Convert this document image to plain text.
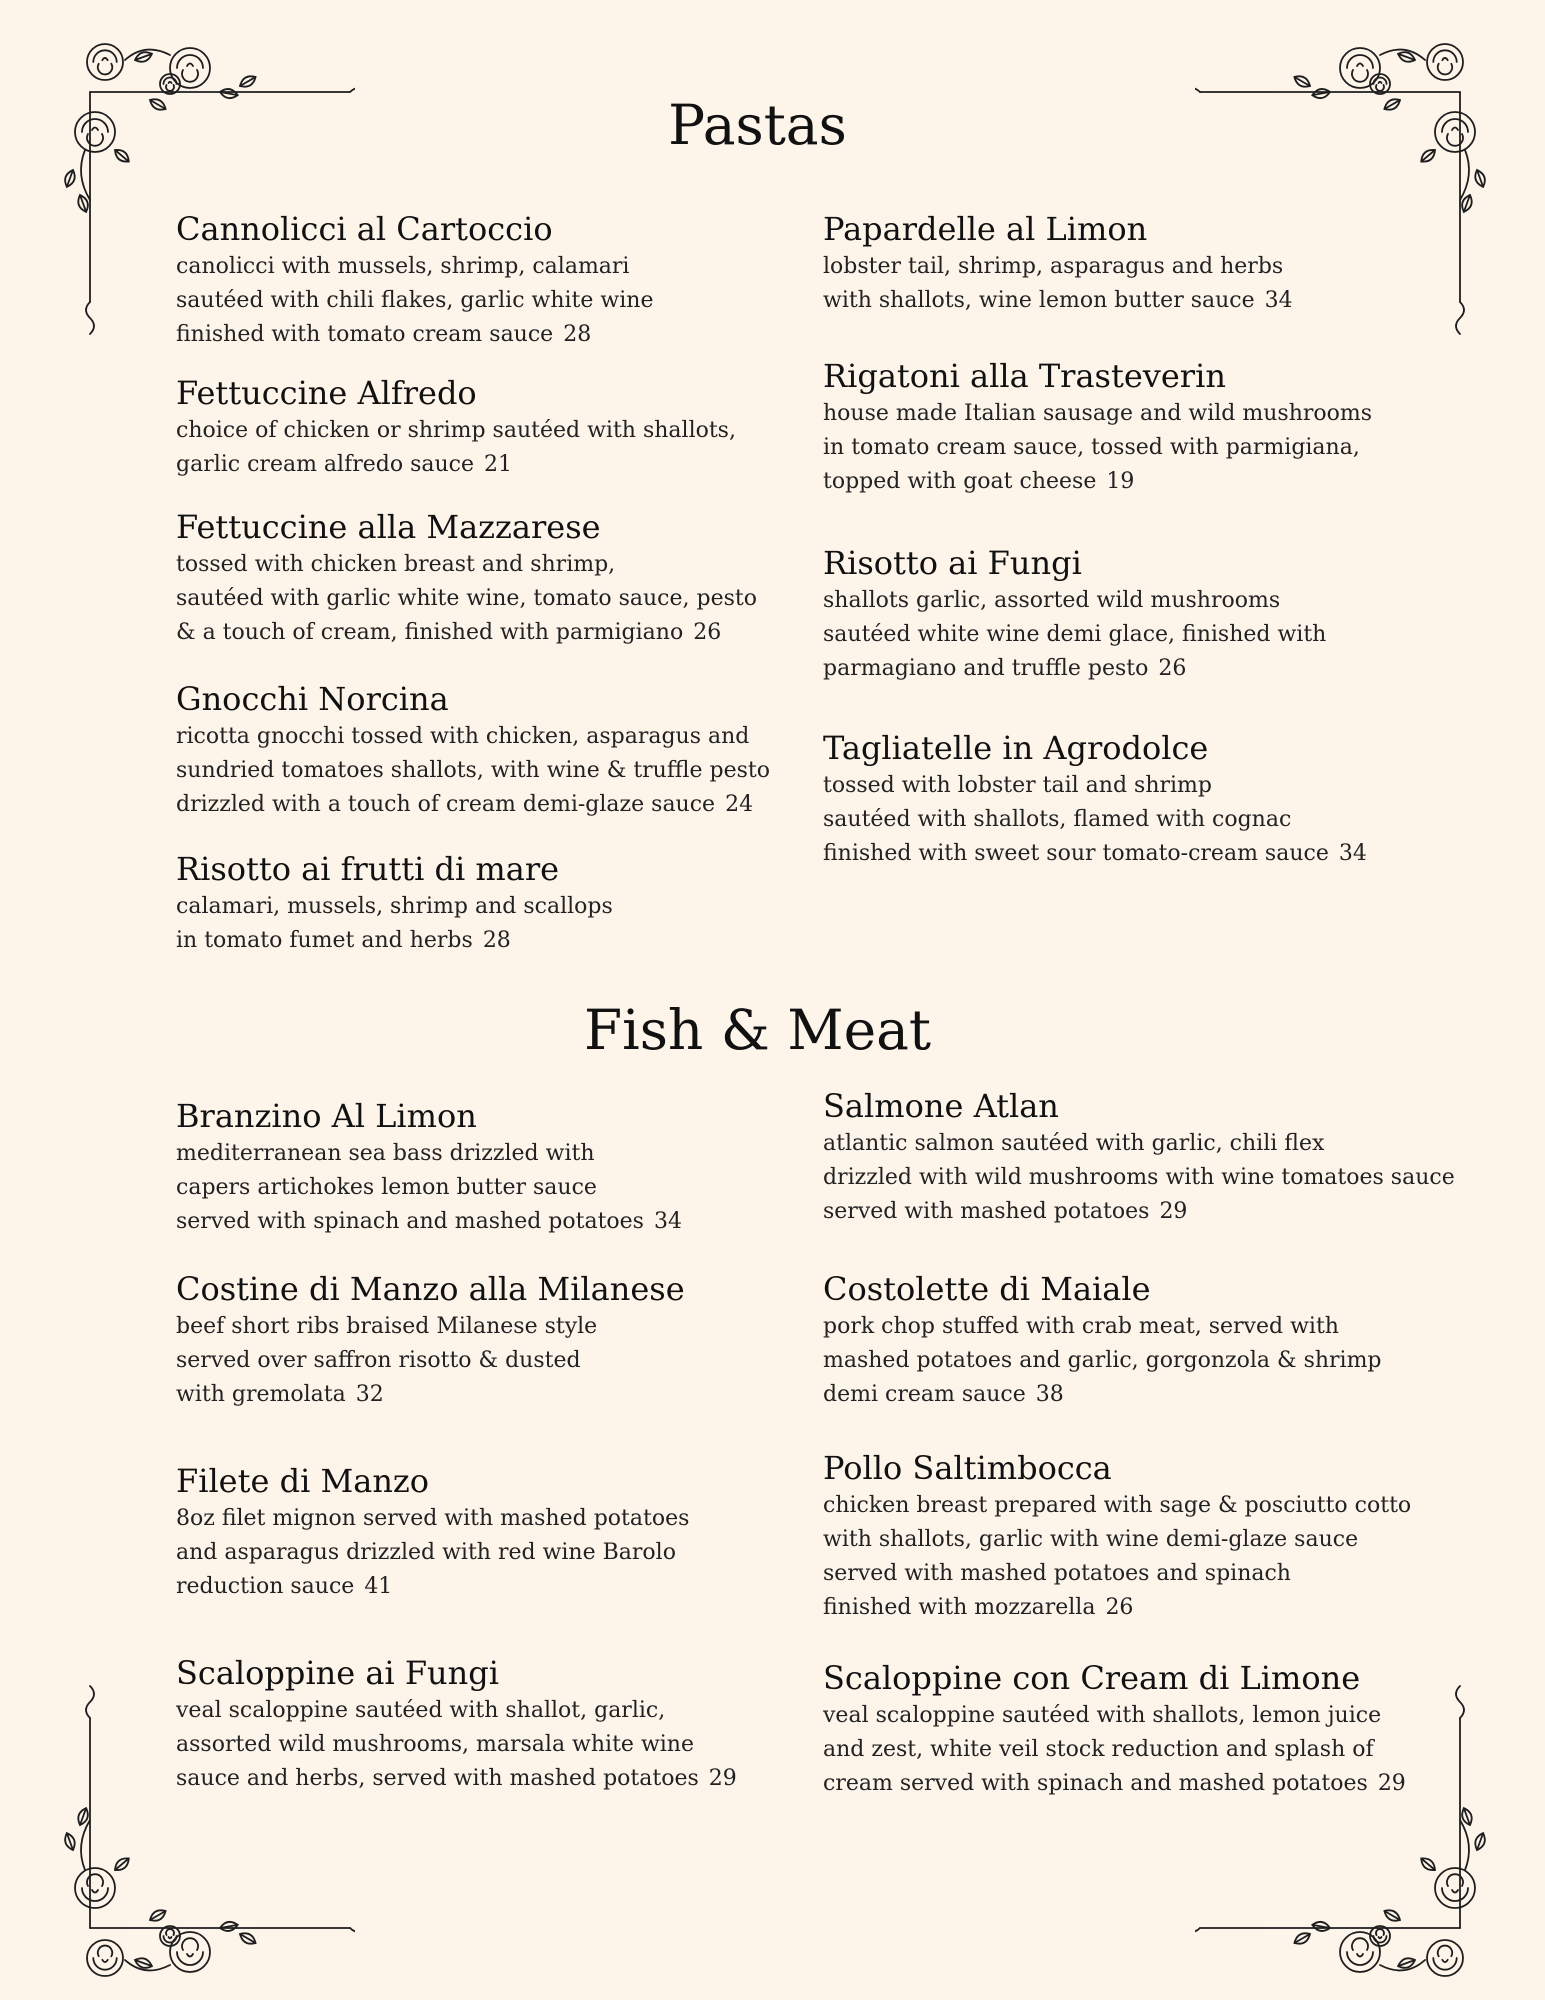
Pastas
Cannolicci al Cartoccio

canolicci with mussels, shrimp, calamari
sautéed with chili flakes, garlic white wine
finished with tomato cream sauce 28

Fettuccine Alfredo

choice of chicken or shrimp sautéed with shallots,
garlic cream alfredo sauce 21

Fettuccine alla Mazzarese

tossed with chicken breast and shrimp,
sautéed with garlic white wine, tomato sauce, pesto
& a touch of cream, finished with parmigiano 26

Gnocchi Norcina

ricotta gnocchi tossed with chicken, asparagus and
sundried tomatoes shallots, with wine & truffle pesto
drizzled with a touch of cream demi-glaze sauce 24

Risotto ai frutti di mare

calamari, mussels, shrimp and scallops
in tomato fumet and herbs 28

Papardelle al Limon

lobster tail, shrimp, asparagus and herbs
with shallots, wine lemon butter sauce 34

Rigatoni alla Trasteverin

house made Italian sausage and wild mushrooms
in tomato cream sauce, tossed with parmigiana,
topped with goat cheese 19

Risotto ai Fungi

shallots garlic, assorted wild mushrooms
sautéed white wine demi glace, finished with
parmagiano and truffle pesto 26

Tagliatelle in Agrodolce

tossed with lobster tail and shrimp
sautéed with shallots, flamed with cognac
finished with sweet sour tomato-cream sauce 34

Fish & Meat
Branzino Al Limon

mediterranean sea bass drizzled with
capers artichokes lemon butter sauce
served with spinach and mashed potatoes 34

Costine di Manzo alla Milanese

beef short ribs braised Milanese style
served over saffron risotto & dusted
with gremolata 32

Filete di Manzo

8oz filet mignon served with mashed potatoes
and asparagus drizzled with red wine Barolo
reduction sauce 41

Scaloppine ai Fungi

veal scaloppine sautéed with shallot, garlic,
assorted wild mushrooms, marsala white wine
sauce and herbs, served with mashed potatoes 29

Salmone Atlan

atlantic salmon sautéed with garlic, chili flex
drizzled with wild mushrooms with wine tomatoes sauce
served with mashed potatoes 29

Costolette di Maiale

pork chop stuffed with crab meat, served with
mashed potatoes and garlic, gorgonzola & shrimp
demi cream sauce 38

Pollo Saltimbocca

chicken breast prepared with sage & posciutto cotto
with shallots, garlic with wine demi-glaze sauce
served with mashed potatoes and spinach
finished with mozzarella 26

Scaloppine con Cream di Limone

veal scaloppine sautéed with shallots, lemon juice
and zest, white veil stock reduction and splash of
cream served with spinach and mashed potatoes 29
